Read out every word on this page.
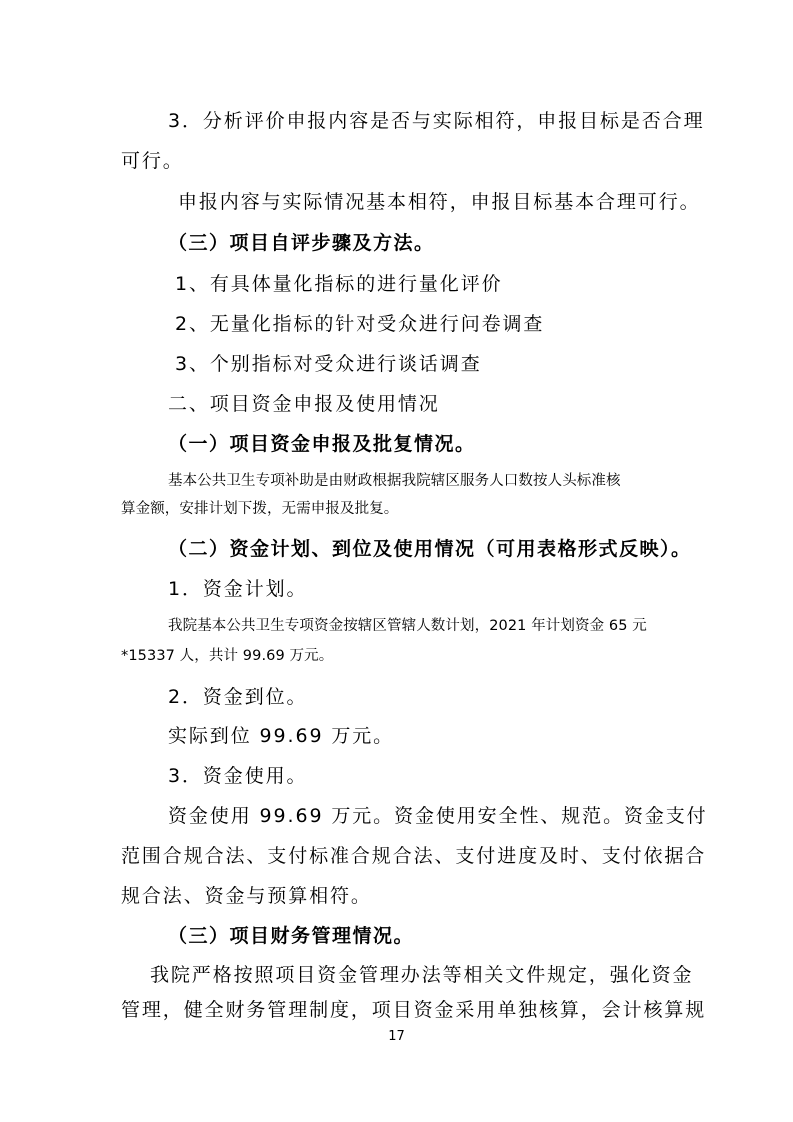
3．分析评价申报内容是否与实际相符，申报目标是否合理

可行。

申报内容与实际情况基本相符，申报目标基本合理可行。

（三）项目自评步骤及方法。

1、有具体量化指标的进行量化评价

2、无量化指标的针对受众进行问卷调查

3、个别指标对受众进行谈话调查

二、项目资金申报及使用情况

（一）项目资金申报及批复情况。

基本公共卫生专项补助是由财政根据我院辖区服务人口数按人头标准核

算金额，安排计划下拨，无需申报及批复。

（二）资金计划、到位及使用情况（可用表格形式反映）。

1．资金计划。

我院基本公共卫生专项资金按辖区管辖人数计划，2021 年计划资金 65 元

*15337 人，共计 99.69 万元。

2．资金到位。

实际到位 99.69 万元。

3．资金使用。

资金使用 99.69 万元。资金使用安全性、规范。资金支付

范围合规合法、支付标准合规合法、支付进度及时、支付依据合

规合法、资金与预算相符。

（三）项目财务管理情况。

我院严格按照项目资金管理办法等相关文件规定，强化资金

管理，健全财务管理制度，项目资金采用单独核算，会计核算规

17
